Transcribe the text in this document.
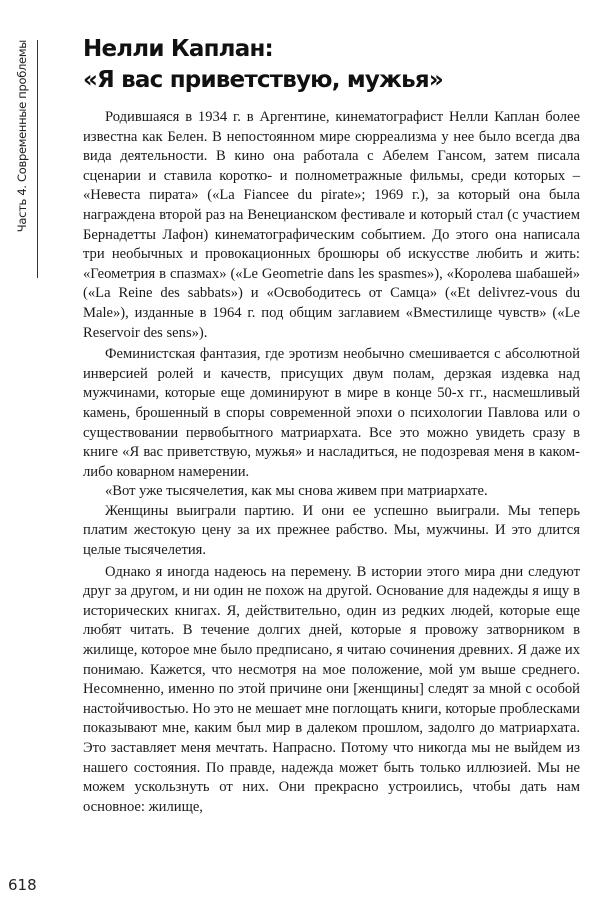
Часть 4. Современные проблемы Нелли Каплан:
«Я вас приветствую, мужья»

Родившаяся в 1934 г. в Аргентине, кинематографист Нелли Каплан более известна как Белен. В непостоянном мире сюрреализма у нее было всегда два вида деятельности. В кино она работала с Абелем Гансом, затем писала сценарии и ставила коротко- и полнометражные фильмы, среди которых – «Невеста пирата» («La Fiancee du pirate»; 1969 г.), за который она была награждена второй раз на Венецианском фестивале и который стал (с участием Бернадетты Лафон) кинематографическим событием. До этого она написала три необычных и провокационных брошюры об искусстве любить и жить: «Геометрия в спазмах» («Le Geometrie dans les spasmes»), «Королева шабашей» («La Reine des sabbats») и «Освободитесь от Самца» («Et delivrez-vous du Male»), изданные в 1964 г. под общим заглавием «Вместилище чувств» («Le Reservoir des sens»).

Феминистская фантазия, где эротизм необычно смешивается с абсолютной инверсией ролей и качеств, присущих двум полам, дерзкая издевка над мужчинами, которые еще доминируют в мире в конце 50-х гг., насмешливый камень, брошенный в споры современной эпохи о психологии Павлова или о существовании первобытного матриархата. Все это можно увидеть сразу в книге «Я вас приветствую, мужья» и насладиться, не подозревая меня в каком-либо коварном намерении.

«Вот уже тысячелетия, как мы снова живем при матриархате.

Женщины выиграли партию. И они ее успешно выиграли. Мы теперь платим жестокую цену за их прежнее рабство. Мы, мужчины. И это длится целые тысячелетия.

Однако я иногда надеюсь на перемену. В истории этого мира дни следуют друг за другом, и ни один не похож на другой. Основание для надежды я ищу в исторических книгах. Я, действительно, один из редких людей, которые еще любят читать. В течение долгих дней, которые я провожу затворником в жилище, которое мне было предписано, я читаю сочинения древних. Я даже их понимаю. Кажется, что несмотря на мое положение, мой ум выше среднего. Несомненно, именно по этой причине они [женщины] следят за мной с особой настойчивостью. Но это не мешает мне поглощать книги, которые проблесками показывают мне, каким был мир в далеком прошлом, задолго до матриархата. Это заставляет меня мечтать. Напрасно. Потому что никогда мы не выйдем из нашего состояния. По правде, надежда может быть только иллюзией. Мы не можем ускользнуть от них. Они прекрасно устроились, чтобы дать нам основное: жилище,

618
